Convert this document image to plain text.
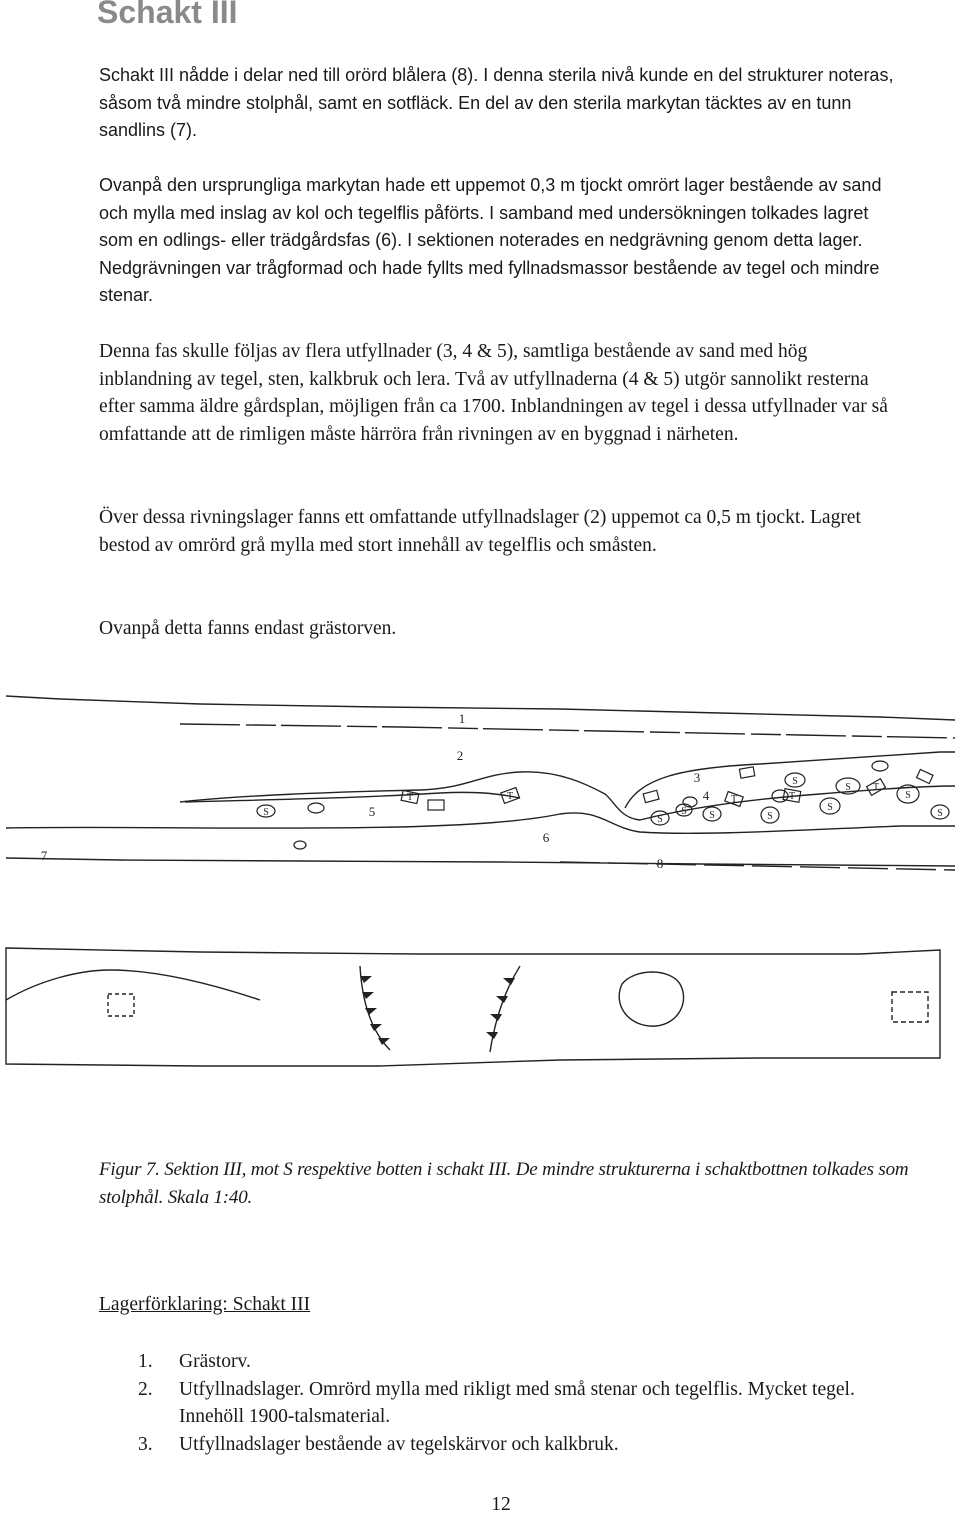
Schakt III

Schakt III nådde i delar ned till orörd blålera (8). I denna sterila nivå kunde en del strukturer noteras, såsom två mindre stolphål, samt en sotfläck. En del av den sterila markytan täcktes av en tunn sandlins (7).

Ovanpå den ursprungliga markytan hade ett uppemot 0,3 m tjockt omrört lager bestående av sand och mylla med inslag av kol och tegelflis påförts. I samband med undersökningen tolkades lagret som en odlings- eller trädgårdsfas (6). I sektionen noterades en nedgrävning genom detta lager. Nedgrävningen var trågformad och hade fyllts med fyllnadsmassor bestående av tegel och mindre stenar.

Denna fas skulle följas av flera utfyllnader (3, 4 & 5), samtliga bestående av sand med hög inblandning av tegel, sten, kalkbruk och lera. Två av utfyllnaderna (4 & 5) utgör sannolikt resterna efter samma äldre gårdsplan, möjligen från ca 1700. Inblandningen av tegel i dessa utfyllnader var så omfattande att de rimligen måste härröra från rivningen av en byggnad i närheten.

Över dessa rivningslager fanns ett omfattande utfyllnadslager (2) uppemot ca 0,5 m tjockt. Lagret bestod av omrörd grå mylla med stort innehåll av tegelflis och småsten.

Ovanpå detta fanns endast grästorven.

1
2
3
4
5
6
7
8
S
S
S S	S
S
S
S
S
S
T	T	T	T
T

Figur 7. Sektion III, mot S respektive botten i schakt III. De mindre strukturerna i schaktbottnen tolkades som stolphål. Skala 1:40.

Lagerförklaring: Schakt III

1.	Grästorv.
2.	Utfyllnadslager. Omrörd mylla med rikligt med små stenar och tegelflis. Mycket tegel. Innehöll 1900-talsmaterial.
3.	Utfyllnadslager bestående av tegelskärvor och kalkbruk.

12
